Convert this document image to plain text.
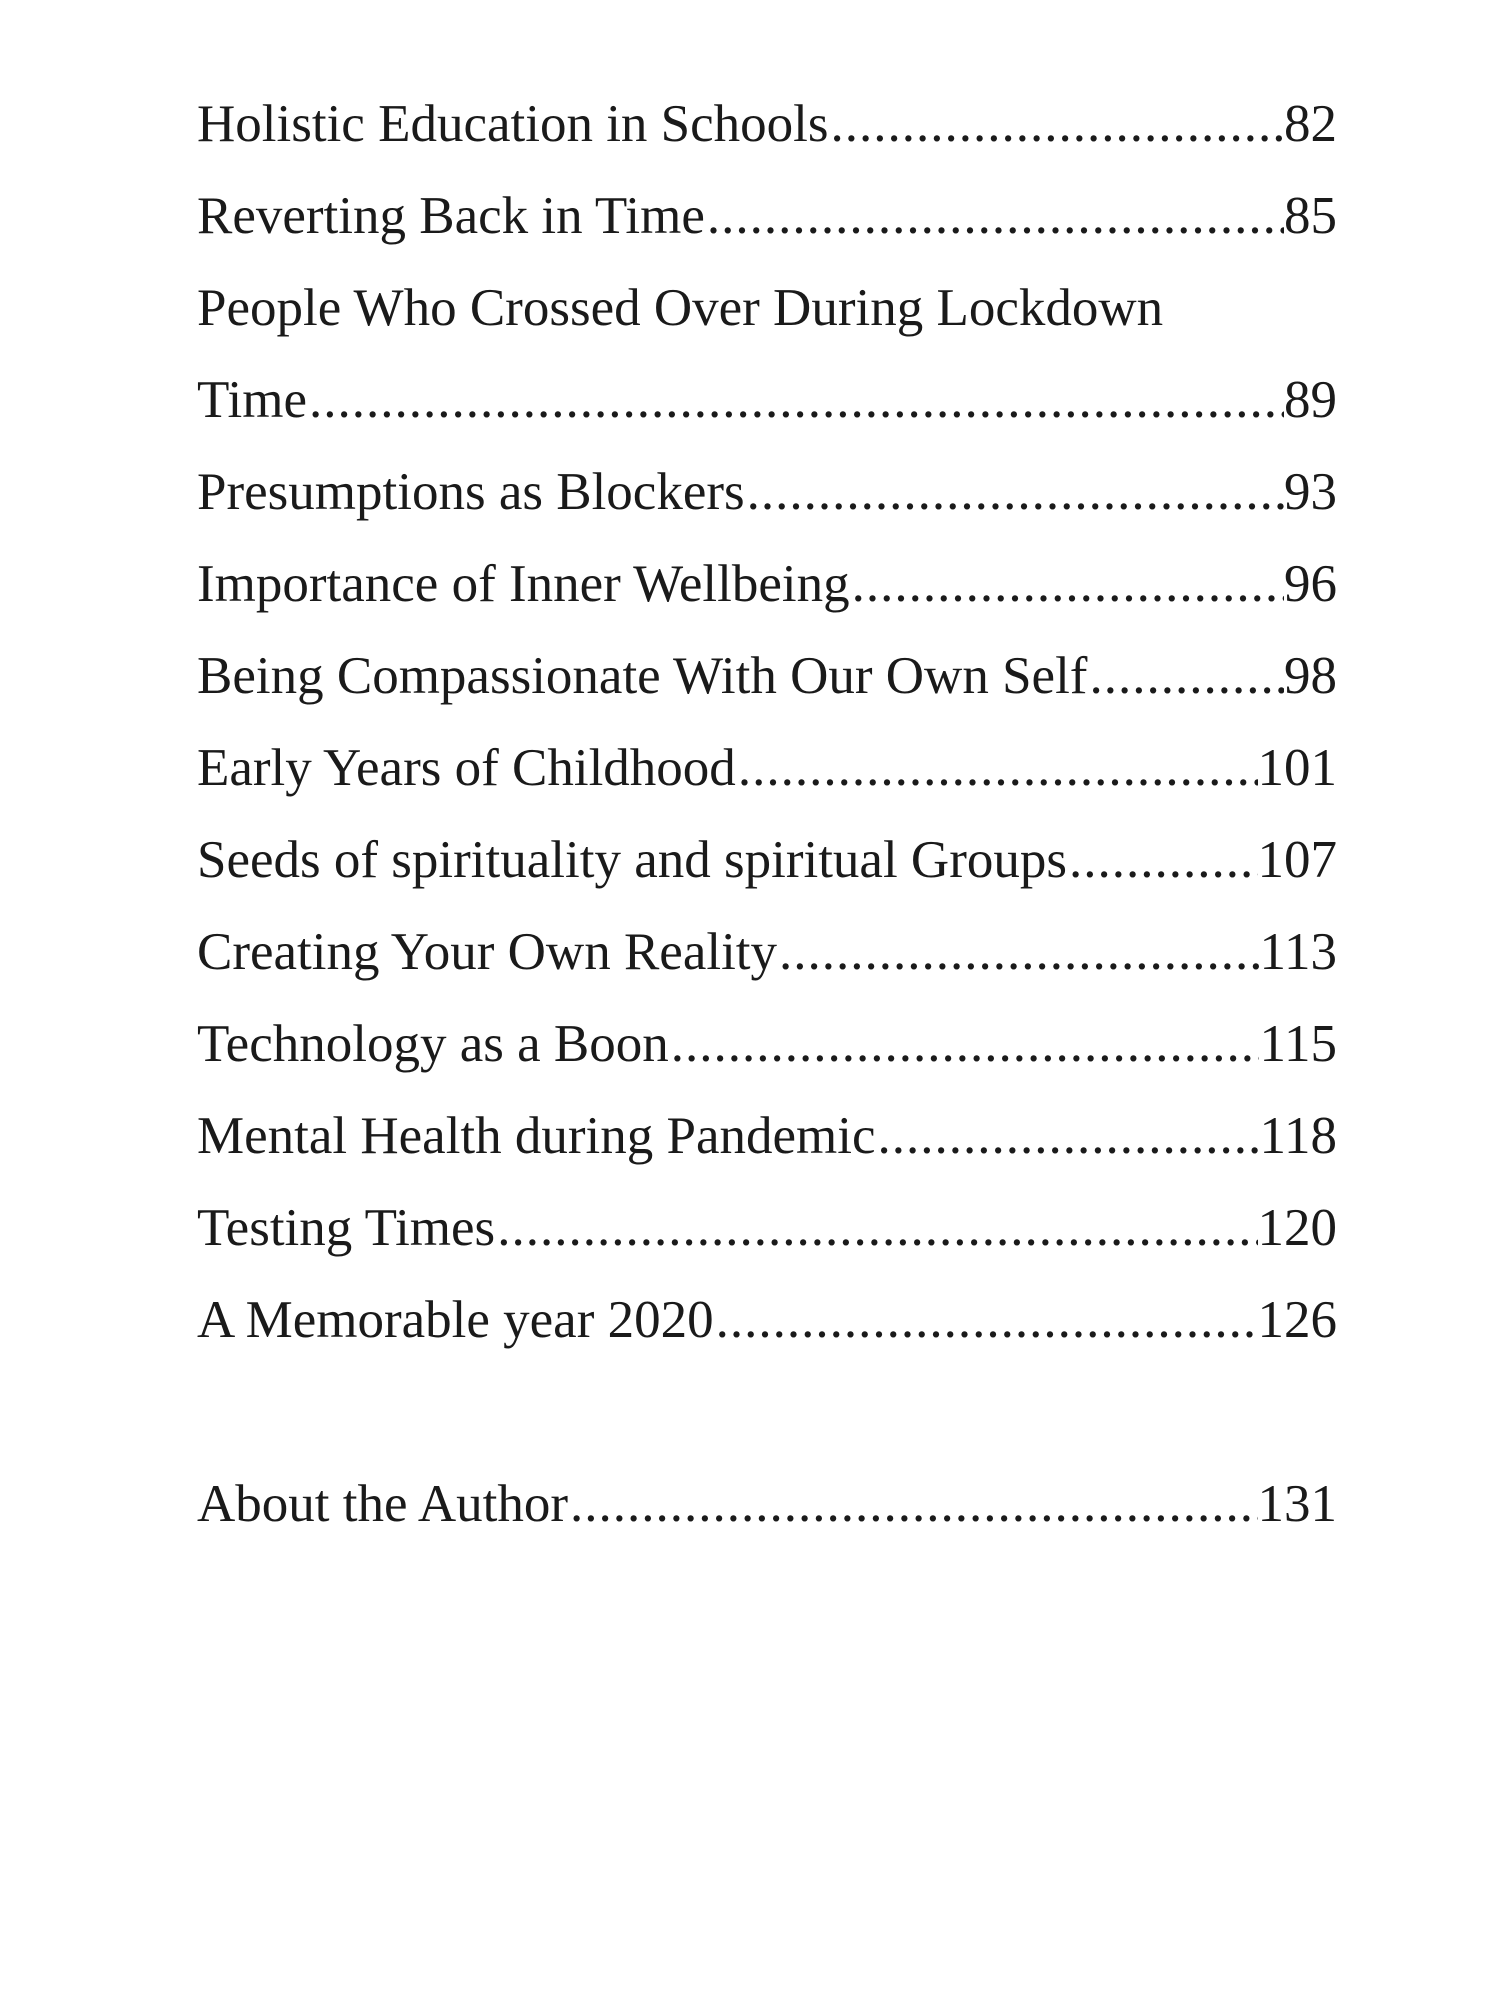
Holistic Education in Schools .....	82
Reverting Back in Time .....	85
People Who Crossed Over During Lockdown
Time .....	89
Presumptions as Blockers .....	93
Importance of Inner Wellbeing .....	96
Being Compassionate With Our Own Self .....	98
Early Years of Childhood .....	101
Seeds of spirituality and spiritual Groups .....	107
Creating Your Own Reality .....	113
Technology as a Boon .....	115
Mental Health during Pandemic .....	118
Testing Times .....	120
A Memorable year 2020 .....	126
About the Author .....	131
